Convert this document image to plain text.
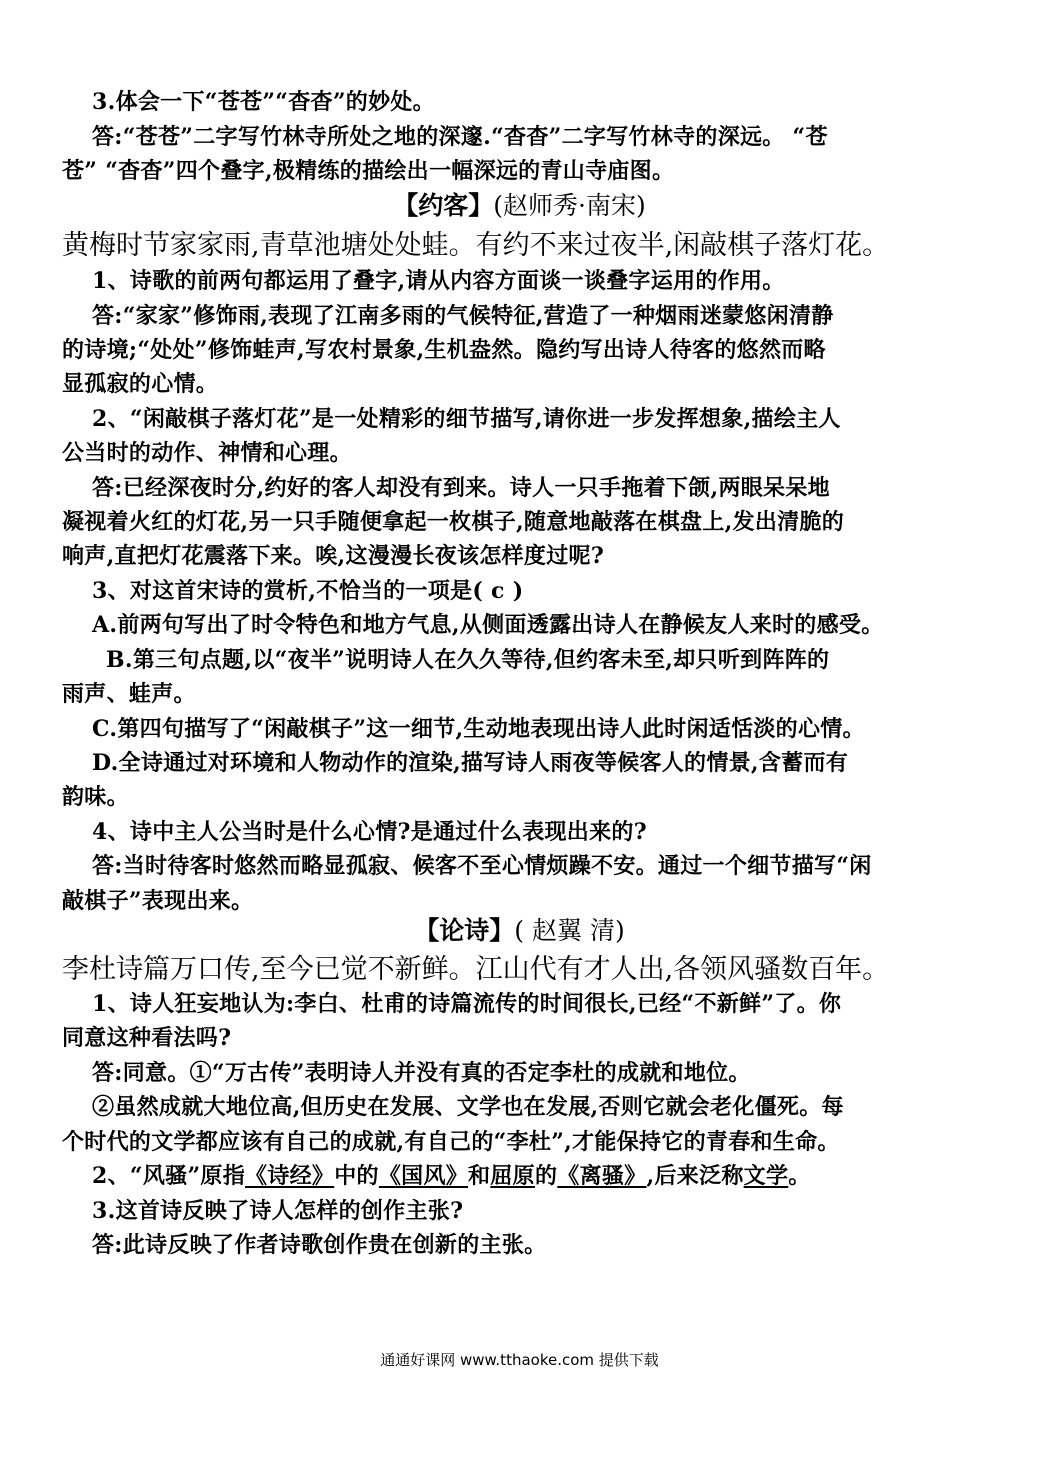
3.体会一下“苍苍”“杳杳”的妙处。
答:“苍苍”二字写竹林寺所处之地的深邃.“杳杳”二字写竹林寺的深远。 “苍
苍” “杳杳”四个叠字,极精练的描绘出一幅深远的青山寺庙图。
【约客】(赵师秀·南宋)
黄梅时节家家雨,青草池塘处处蛙。有约不来过夜半,闲敲棋子落灯花。
1、诗歌的前两句都运用了叠字,请从内容方面谈一谈叠字运用的作用。
答:“家家”修饰雨,表现了江南多雨的气候特征,营造了一种烟雨迷蒙悠闲清静
的诗境;“处处”修饰蛙声,写农村景象,生机盎然。隐约写出诗人待客的悠然而略
显孤寂的心情。
2、“闲敲棋子落灯花”是一处精彩的细节描写,请你进一步发挥想象,描绘主人
公当时的动作、神情和心理。
答:已经深夜时分,约好的客人却没有到来。诗人一只手拖着下颌,两眼呆呆地
凝视着火红的灯花,另一只手随便拿起一枚棋子,随意地敲落在棋盘上,发出清脆的
响声,直把灯花震落下来。唉,这漫漫长夜该怎样度过呢?
3、对这首宋诗的赏析,不恰当的一项是( c )
A.前两句写出了时令特色和地方气息,从侧面透露出诗人在静候友人来时的感受。
B.第三句点题,以“夜半”说明诗人在久久等待,但约客未至,却只听到阵阵的
雨声、蛙声。
C.第四句描写了“闲敲棋子”这一细节,生动地表现出诗人此时闲适恬淡的心情。
D.全诗通过对环境和人物动作的渲染,描写诗人雨夜等候客人的情景,含蓄而有
韵味。
4、诗中主人公当时是什么心情?是通过什么表现出来的?
答:当时待客时悠然而略显孤寂、候客不至心情烦躁不安。通过一个细节描写“闲
敲棋子”表现出来。
【论诗】( 赵翼 清)
李杜诗篇万口传,至今已觉不新鲜。江山代有才人出,各领风骚数百年。
1、诗人狂妄地认为:李白、杜甫的诗篇流传的时间很长,已经“不新鲜”了。你
同意这种看法吗?
答:同意。①“万古传”表明诗人并没有真的否定李杜的成就和地位。
②虽然成就大地位高,但历史在发展、文学也在发展,否则它就会老化僵死。每
个时代的文学都应该有自己的成就,有自己的“李杜”,才能保持它的青春和生命。
2、“风骚”原指《诗经》中的《国风》和屈原的《离骚》,后来泛称文学。
3.这首诗反映了诗人怎样的创作主张?
答:此诗反映了作者诗歌创作贵在创新的主张。
通通好课网 www.tthaoke.com 提供下载
